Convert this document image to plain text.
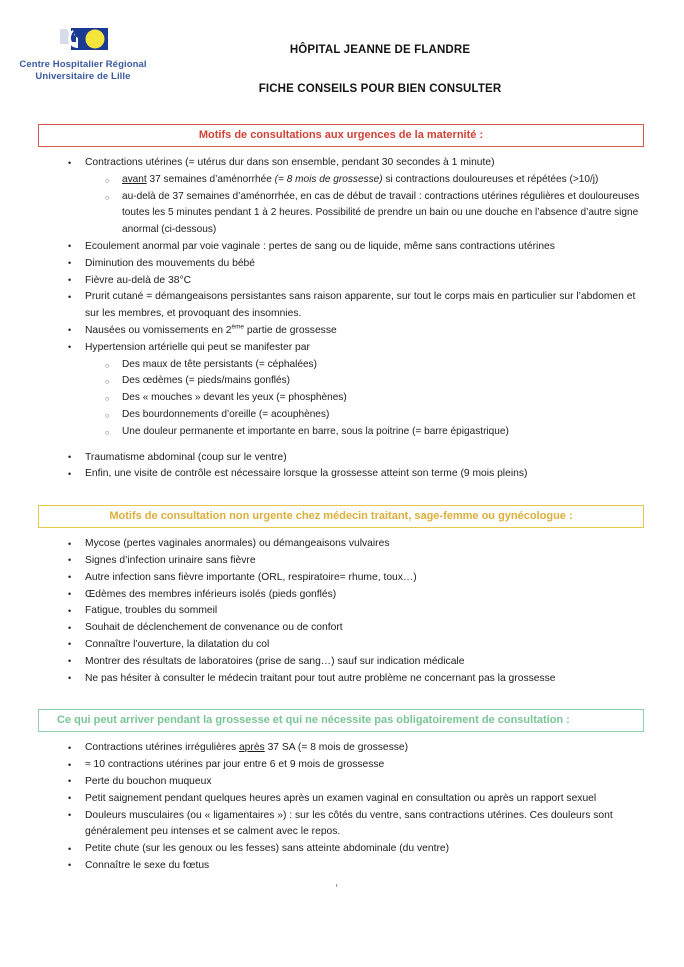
Centre Hospitalier Régional
Universitaire de Lille
HÔPITAL JEANNE DE FLANDRE
FICHE CONSEILS POUR BIEN CONSULTER
Motifs de consultations aux urgences de la maternité :
• Contractions utérines (= utérus dur dans son ensemble, pendant 30 secondes à 1 minute)
○ avant 37 semaines d’aménorrhée (= 8 mois de grossesse) si contractions douloureuses et répétées (>10/j)
○ au-delà de 37 semaines d’aménorrhée, en cas de début de travail : contractions utérines régulières et douloureuses toutes les 5 minutes pendant 1 à 2 heures. Possibilité de prendre un bain ou une douche en l’absence d’autre signe anormal (ci-dessous)
• Ecoulement anormal par voie vaginale : pertes de sang ou de liquide, même sans contractions utérines
• Diminution des mouvements du bébé
• Fièvre au-delà de 38°C
• Prurit cutané = démangeaisons persistantes sans raison apparente, sur tout le corps mais en particulier sur l’abdomen et sur les membres, et provoquant des insomnies.
• Nausées ou vomissements en 2ème partie de grossesse
• Hypertension artérielle qui peut se manifester par
○ Des maux de tête persistants (= céphalées)
○ Des œdèmes (= pieds/mains gonflés)
○ Des « mouches » devant les yeux (= phosphènes)
○ Des bourdonnements d’oreille (= acouphènes)
○ Une douleur permanente et importante en barre, sous la poitrine (= barre épigastrique)

• Traumatisme abdominal (coup sur le ventre)
• Enfin, une visite de contrôle est nécessaire lorsque la grossesse atteint son terme (9 mois pleins)
Motifs de consultation non urgente chez médecin traitant, sage-femme ou gynécologue :
• Mycose (pertes vaginales anormales) ou démangeaisons vulvaires
• Signes d’infection urinaire sans fièvre
• Autre infection sans fièvre importante (ORL, respiratoire= rhume, toux…)
• Œdèmes des membres inférieurs isolés (pieds gonflés)
• Fatigue, troubles du sommeil
• Souhait de déclenchement de convenance ou de confort
• Connaître l’ouverture, la dilatation du col
• Montrer des résultats de laboratoires (prise de sang…) sauf sur indication médicale
• Ne pas hésiter à consulter le médecin traitant pour tout autre problème ne concernant pas la grossesse
Ce qui peut arriver pendant la grossesse et qui ne nécessite pas obligatoirement de consultation :
• Contractions utérines irrégulières après 37 SA (= 8 mois de grossesse)
• ≈ 10 contractions utérines par jour entre 6 et 9 mois de grossesse
• Perte du bouchon muqueux
• Petit saignement pendant quelques heures après un examen vaginal en consultation ou après un rapport sexuel
• Douleurs musculaires (ou « ligamentaires ») : sur les côtés du ventre, sans contractions utérines. Ces douleurs sont généralement peu intenses et se calment avec le repos.
• Petite chute (sur les genoux ou les fesses) sans atteinte abdominale (du ventre)
• Connaître le sexe du fœtus
